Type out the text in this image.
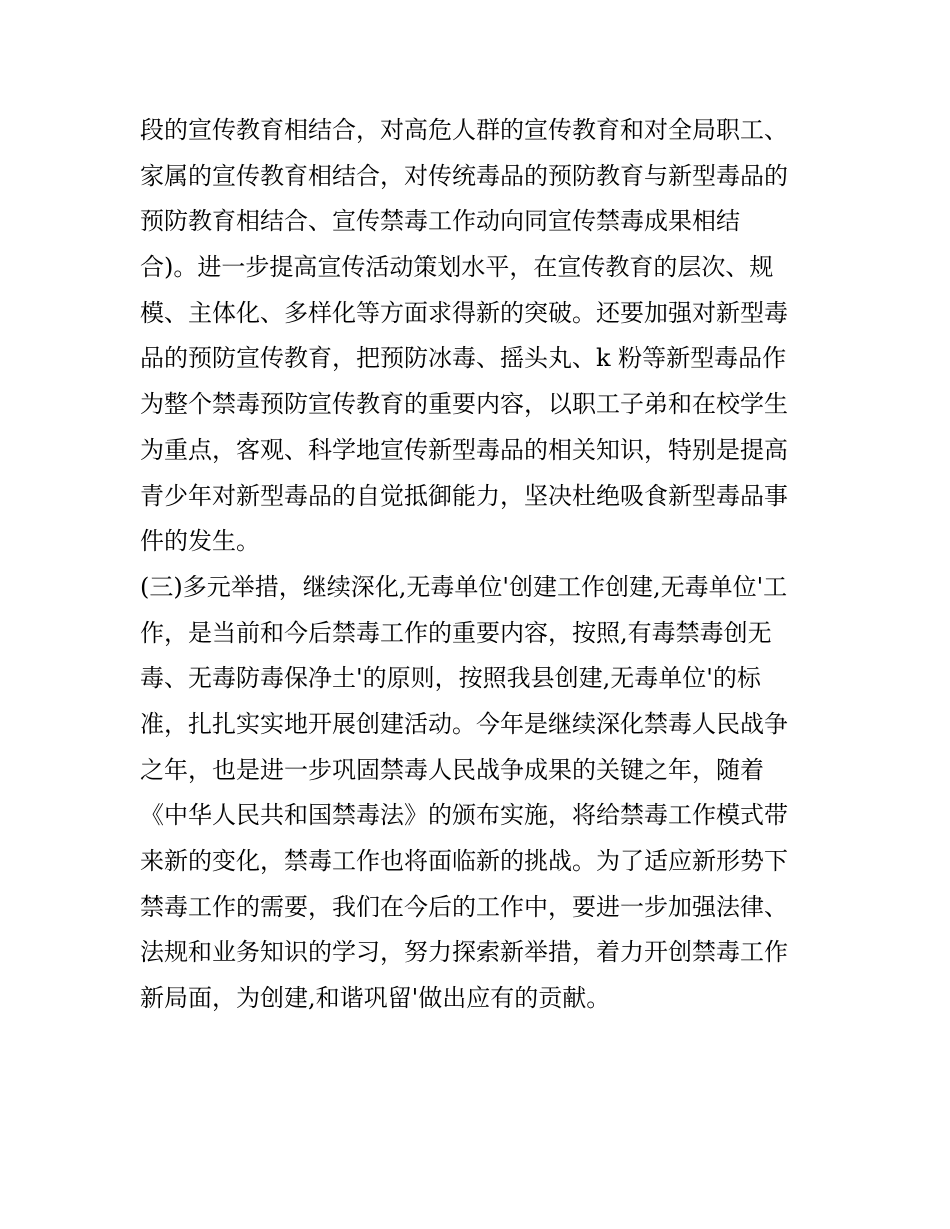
段的宣传教育相结合，对高危人群的宣传教育和对全局职工、
家属的宣传教育相结合，对传统毒品的预防教育与新型毒品的
预防教育相结合、宣传禁毒工作动向同宣传禁毒成果相结
合)。进一步提高宣传活动策划水平，在宣传教育的层次、规
模、主体化、多样化等方面求得新的突破。还要加强对新型毒
品的预防宣传教育，把预防冰毒、摇头丸、k 粉等新型毒品作
为整个禁毒预防宣传教育的重要内容，以职工子弟和在校学生
为重点，客观、科学地宣传新型毒品的相关知识，特别是提高
青少年对新型毒品的自觉抵御能力，坚决杜绝吸食新型毒品事
件的发生。
(三)多元举措，继续深化,无毒单位'创建工作创建,无毒单位'工
作，是当前和今后禁毒工作的重要内容，按照,有毒禁毒创无
毒、无毒防毒保净土'的原则，按照我县创建,无毒单位'的标
准，扎扎实实地开展创建活动。今年是继续深化禁毒人民战争
之年，也是进一步巩固禁毒人民战争成果的关键之年，随着
《中华人民共和国禁毒法》的颁布实施，将给禁毒工作模式带
来新的变化，禁毒工作也将面临新的挑战。为了适应新形势下
禁毒工作的需要，我们在今后的工作中，要进一步加强法律、
法规和业务知识的学习，努力探索新举措，着力开创禁毒工作
新局面，为创建,和谐巩留'做出应有的贡献。
